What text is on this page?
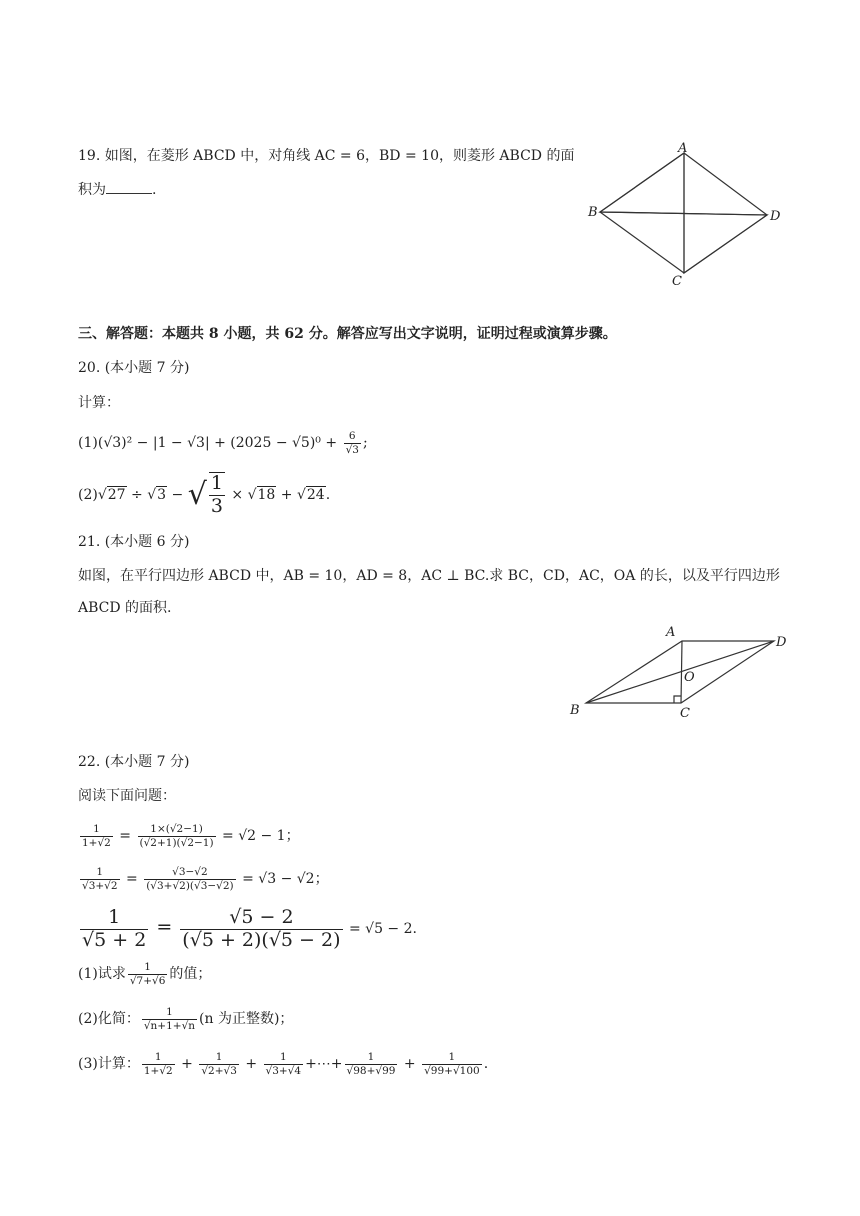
19. 如图，在菱形 ABCD 中，对角线 AC = 6，BD = 10，则菱形 ABCD 的面
积为	.
A
B	D
C
三、解答题：本题共 8 小题，共 62 分。解答应写出文字说明，证明过程或演算步骤。
20. (本小题 7 分)
计算：
$(1)(√3)^2 - |1 - √3| + (2025 - √5)^0 + \frac{6}{√3}$ ;
(2)√27 ÷ √3 − √ $\frac{1}{3} \times √18 + √24$.
21. (本小题 6 分)
如图，在平行四边形 ABCD 中，AB = 10，AD = 8，AC ⊥ BC.求 BC，CD，AC，OA 的长，以及平行四边形
ABCD 的面积.
A
D
O
B	C
22. (本小题 7 分)
阅读下面问题：
$\frac{1}{1+√2} = \frac{1\times(√2-1)}{(√2+1)(√2-1)} = √2 - 1$；
$\frac{1}{√3+√2} = \frac{√3-√2}{(√3+√2)(√3-√2)} = √3 - √2$；
$\frac{1}{√5 + 2} = \frac{√5 - 2}{(√5 + 2)(√5 - 2)} = √5 - 2$.
(1)试求 $\frac{1}{√7+√6}$ 的值；
(2)化简： $\frac{1}{√n+1+√n} (n$ 为正整数)；
(3)计算： $\frac{1}{1+√2} + \frac{1}{√2+√3} + \frac{1}{√3+√4}$ +⋯+ $\frac{1}{√98+√99} + \frac{1}{√99+√100}$ .
